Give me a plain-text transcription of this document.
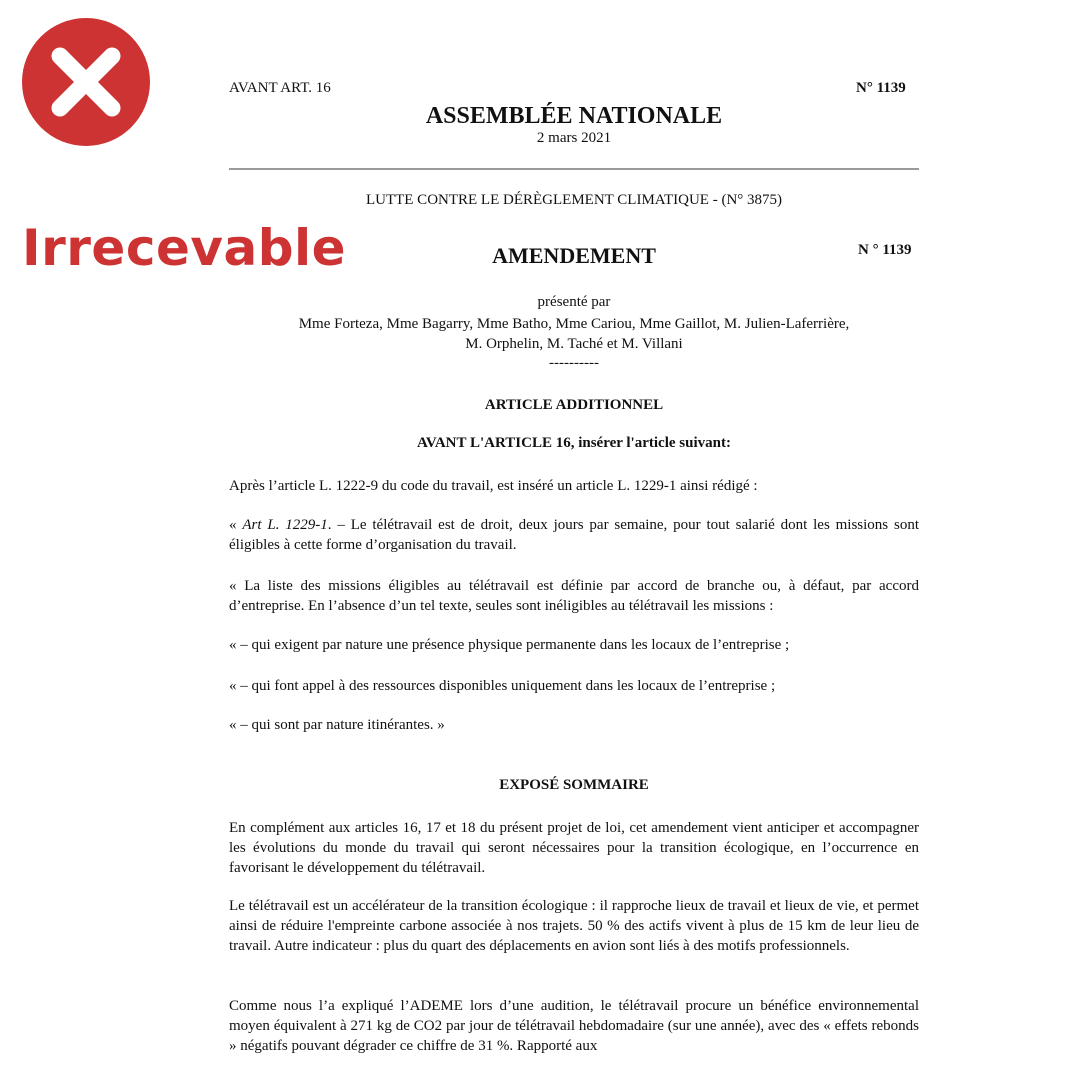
Irrecevable
AVANT ART. 16	N° 1139
ASSEMBLÉE NATIONALE
2 mars 2021
LUTTE CONTRE LE DÉRÈGLEMENT CLIMATIQUE - (N° 3875)
AMENDEMENT	N ° 1139
présenté par
Mme Forteza, Mme Bagarry, Mme Batho, Mme Cariou, Mme Gaillot, M. Julien-Laferrière,
M. Orphelin, M. Taché et M. Villani
----------
ARTICLE ADDITIONNEL
AVANT L'ARTICLE 16, insérer l'article suivant:
Après l’article L. 1222-9 du code du travail, est inséré un article L. 1229-1 ainsi rédigé :
« Art L. 1229-1. – Le télétravail est de droit, deux jours par semaine, pour tout salarié dont les missions sont éligibles à cette forme d’organisation du travail.
« La liste des missions éligibles au télétravail est définie par accord de branche ou, à défaut, par accord d’entreprise. En l’absence d’un tel texte, seules sont inéligibles au télétravail les missions :
« – qui exigent par nature une présence physique permanente dans les locaux de l’entreprise ;
« – qui font appel à des ressources disponibles uniquement dans les locaux de l’entreprise ;
« – qui sont par nature itinérantes. »
EXPOSÉ SOMMAIRE
En complément aux articles 16, 17 et 18 du présent projet de loi, cet amendement vient anticiper et accompagner les évolutions du monde du travail qui seront nécessaires pour la transition écologique, en l’occurrence en favorisant le développement du télétravail.
Le télétravail est un accélérateur de la transition écologique : il rapproche lieux de travail et lieux de vie, et permet ainsi de réduire l'empreinte carbone associée à nos trajets. 50 % des actifs vivent à plus de 15 km de leur lieu de travail. Autre indicateur : plus du quart des déplacements en avion sont liés à des motifs professionnels.
Comme nous l’a expliqué l’ADEME lors d’une audition, le télétravail procure un bénéfice environnemental moyen équivalent à 271 kg de CO2 par jour de télétravail hebdomadaire (sur une année), avec des « effets rebonds » négatifs pouvant dégrader ce chiffre de 31 %. Rapporté aux
